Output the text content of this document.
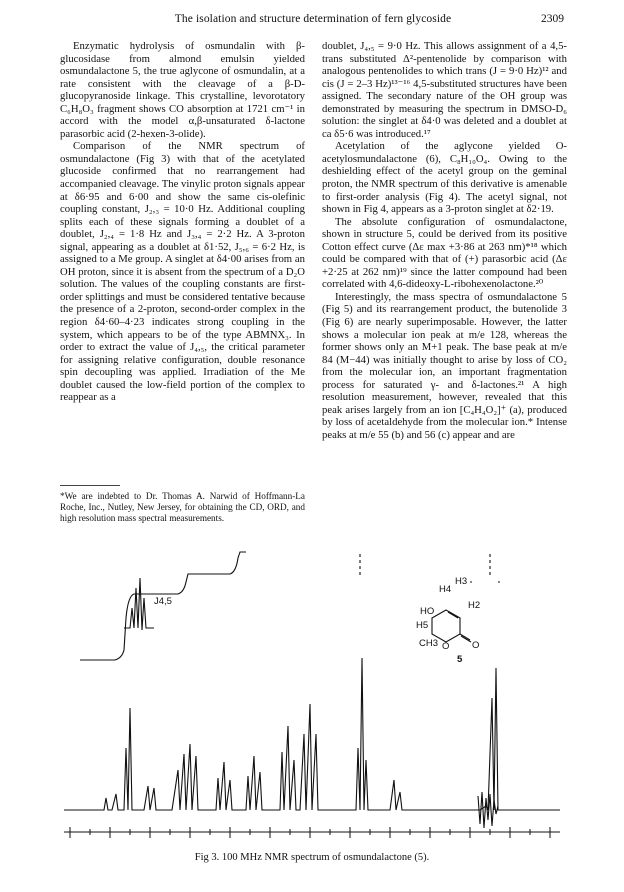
The isolation and structure determination of fern glycoside	2309

Enzymatic hydrolysis of osmundalin with β-glucosidase from almond emulsin yielded osmundalactone 5, the true aglycone of osmundalin, at a rate consistent with the cleavage of a β-D-glucopyranoside linkage. This crystalline, levorotatory C₆H₈O₃ fragment shows CO absorption at 1721 cm⁻¹ in accord with the model α,β-unsaturated δ-lactone parasorbic acid (2-hexen-3-olide).

Comparison of the NMR spectrum of osmundalactone (Fig 3) with that of the acetylated glucoside confirmed that no rearrangement had accompanied cleavage. The vinylic proton signals appear at δ6·95 and 6·00 and show the same cis-olefinic coupling constant, J₂,₃ = 10·0 Hz. Additional coupling splits each of these signals forming a doublet of a doublet, J₂,₄ = 1·8 Hz and J₃,₄ = 2·2 Hz. A 3-proton signal, appearing as a doublet at δ1·52, J₅,₆ = 6·2 Hz, is assigned to a Me group. A singlet at δ4·00 arises from an OH proton, since it is absent from the spectrum of a D₂O solution. The values of the coupling constants are first-order splittings and must be considered tentative because the presence of a 2-proton, second-order complex in the region δ4·60–4·23 indicates strong coupling in the system, which appears to be of the type ABMNX₃. In order to extract the value of J₄,₅, the critical parameter for assigning relative configuration, double resonance spin decoupling was applied. Irradiation of the Me doublet caused the low-field portion of the complex to reappear as a

*We are indebted to Dr. Thomas A. Narwid of Hoffmann-La Roche, Inc., Nutley, New Jersey, for obtaining the CD, ORD, and high resolution mass spectral measurements.

doublet, J₄,₅ = 9·0 Hz. This allows assignment of a 4,5-trans substituted Δ²-pentenolide by comparison with analogous pentenolides to which trans (J = 9·0 Hz)¹² and cis (J = 2–3 Hz)¹³⁻¹⁶ 4,5-substituted structures have been assigned. The secondary nature of the OH group was demonstrated by measuring the spectrum in DMSO-D₆ solution: the singlet at δ4·0 was deleted and a doublet at ca δ5·6 was introduced.¹⁷

Acetylation of the aglycone yielded O-acetylosmundalactone (6), C₈H₁₀O₄. Owing to the deshielding effect of the acetyl group on the geminal proton, the NMR spectrum of this derivative is amenable to first-order analysis (Fig 4). The acetyl signal, not shown in Fig 4, appears as a 3-proton singlet at δ2·19.

The absolute configuration of osmundalactone, shown in structure 5, could be derived from its positive Cotton effect curve (Δε max +3·86 at 263 nm)*¹⁸ which could be compared with that of (+) parasorbic acid (Δε +2·25 at 262 nm)¹⁹ since the latter compound had been correlated with 4,6-dideoxy-L-ribohexenolactone.²⁰

Interestingly, the mass spectra of osmundalactone 5 (Fig 5) and its rearrangement product, the butenolide 3 (Fig 6) are nearly superimposable. However, the latter shows a molecular ion peak at m/e 128, whereas the former shows only an M+1 peak. The base peak at m/e 84 (M−44) was initially thought to arise by loss of CO₂ from the molecular ion, an important fragmentation process for saturated γ- and δ-lactones.²¹ A high resolution measurement, however, revealed that this peak arises largely from an ion [C₄H₄O₂]⁺ (a), produced by loss of acetaldehyde from the molecular ion.* Intense peaks at m/e 55 (b) and 56 (c) appear and are

J4,5
H4
H3
H2
HO
H5
CH3 O O
5
Fig 3. 100 MHz NMR spectrum of osmundalactone (5).
